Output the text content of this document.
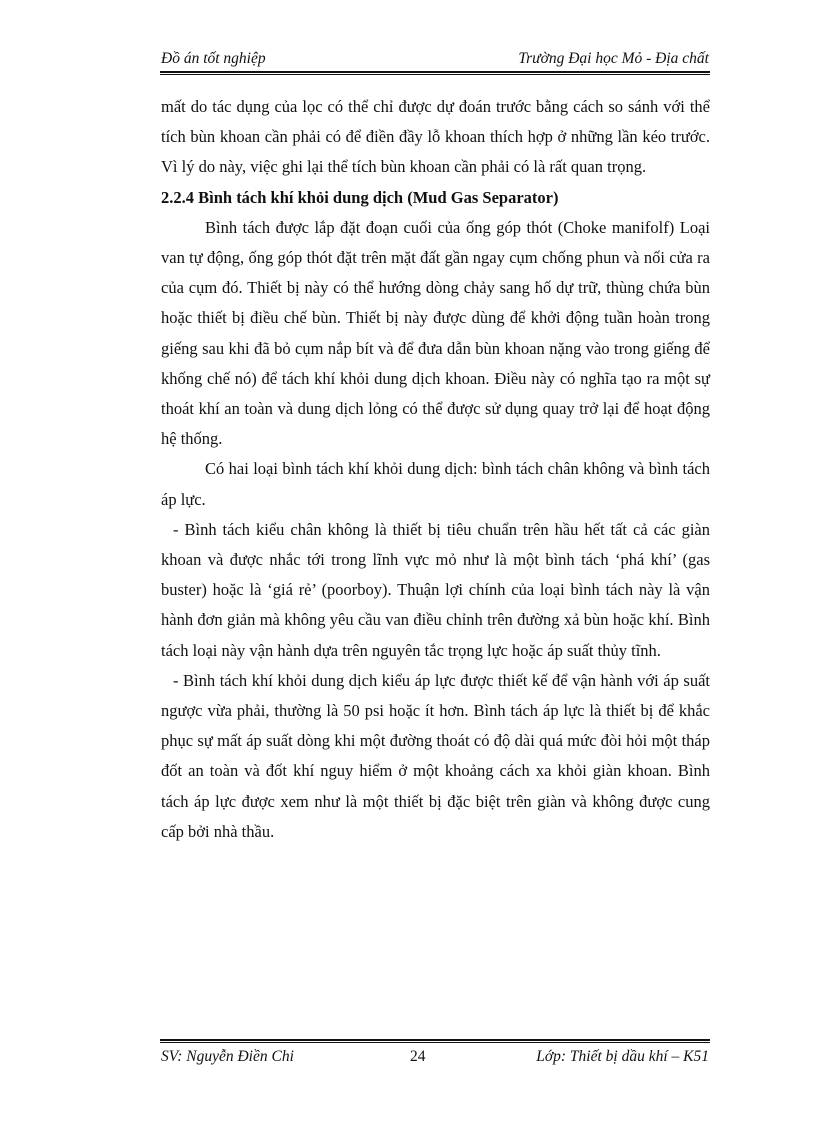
Đồ án tốt nghiệp	Trường Đại học Mỏ - Địa chất

mất do tác dụng của lọc có thể chỉ được dự đoán trước bằng cách so sánh với thể tích bùn khoan cần phải có để điền đầy lỗ khoan thích hợp ở những lần kéo trước. Vì lý do này, việc ghi lại thể tích bùn khoan cần phải có là rất quan trọng.

2.2.4 Bình tách khí khỏi dung dịch (Mud Gas Separator)

Bình tách được lắp đặt đoạn cuối của ống góp thót (Choke manifolf) Loại van tự động, ống góp thót đặt trên mặt đất gần ngay cụm chống phun và nối cửa ra của cụm đó. Thiết bị này có thể hướng dòng chảy sang hố dự trữ, thùng chứa bùn hoặc thiết bị điều chế bùn. Thiết bị này được dùng để khởi động tuần hoàn trong giếng sau khi đã bỏ cụm nắp bít và để đưa dẫn bùn khoan nặng vào trong giếng để khống chế nó) để tách khí khỏi dung dịch khoan. Điều này có nghĩa tạo ra một sự thoát khí an toàn và dung dịch lỏng có thể được sử dụng quay trở lại để hoạt động hệ thống.

Có hai loại bình tách khí khỏi dung dịch: bình tách chân không và bình tách áp lực.

- Bình tách kiểu chân không là thiết bị tiêu chuẩn trên hầu hết tất cả các giàn khoan và được nhắc tới trong lĩnh vực mỏ như là một bình tách ‘phá khí’ (gas buster) hoặc là ‘giá rẻ’ (poorboy). Thuận lợi chính của loại bình tách này là vận hành đơn giản mà không yêu cầu van điều chỉnh trên đường xả bùn hoặc khí. Bình tách loại này vận hành dựa trên nguyên tắc trọng lực hoặc áp suất thủy tĩnh.

- Bình tách khí khỏi dung dịch kiểu áp lực được thiết kế để vận hành với áp suất ngược vừa phải, thường là 50 psi hoặc ít hơn. Bình tách áp lực là thiết bị để khắc phục sự mất áp suất dòng khi một đường thoát có độ dài quá mức đòi hỏi một tháp đốt an toàn và đốt khí nguy hiểm ở một khoảng cách xa khỏi giàn khoan. Bình tách áp lực được xem như là một thiết bị đặc biệt trên giàn và không được cung cấp bởi nhà thầu.

SV: Nguyễn Điền Chi	24	Lớp: Thiết bị dầu khí – K51
